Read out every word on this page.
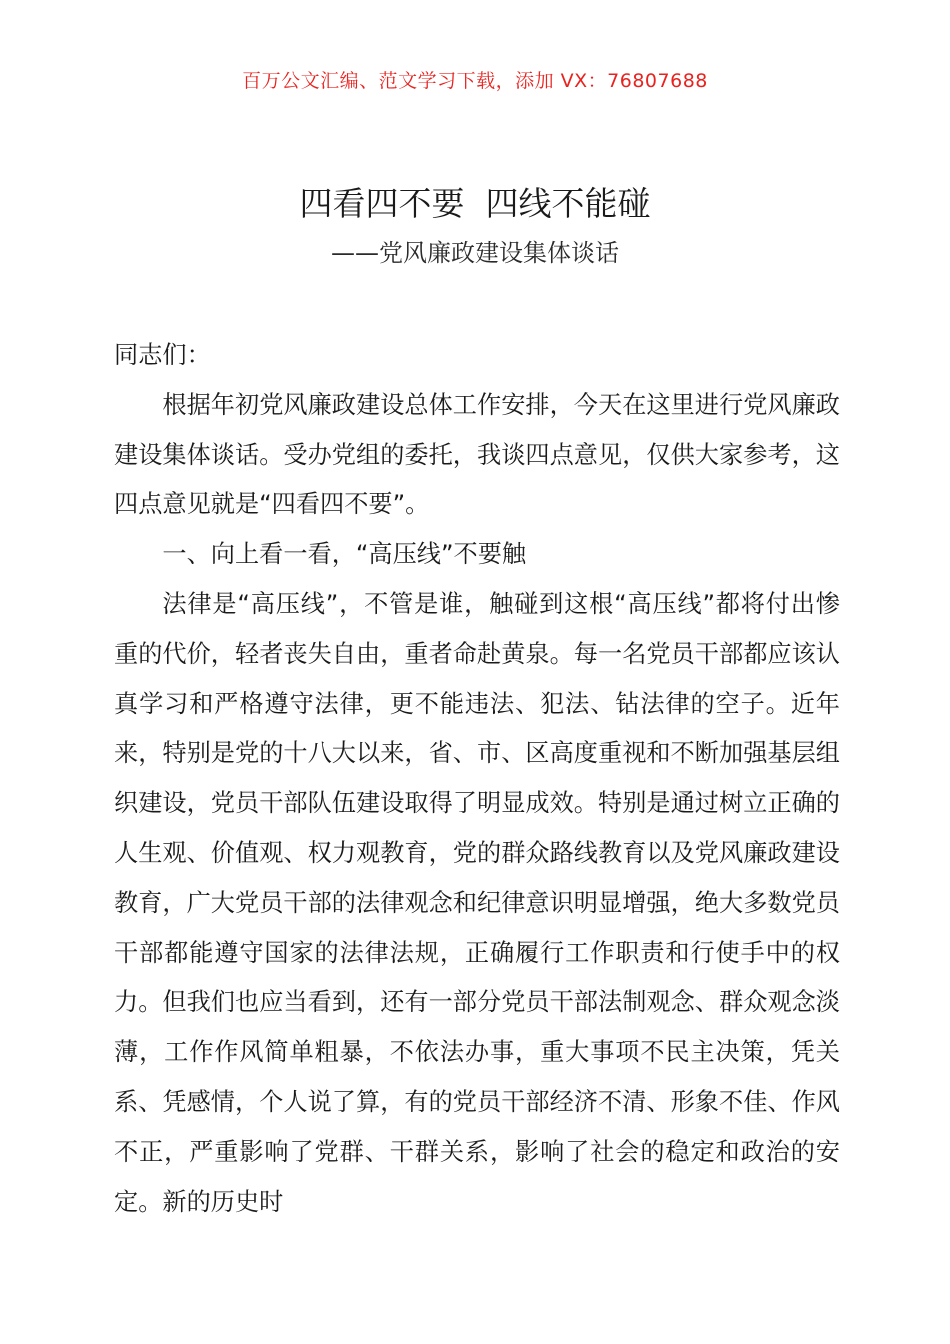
百万公文汇编、范文学习下载，添加 VX：76807688
四看四不要  四线不能碰
——党风廉政建设集体谈话

同志们：

根据年初党风廉政建设总体工作安排，今天在这里进行党风廉政建设集体谈话。受办党组的委托，我谈四点意见，仅供大家参考，这四点意见就是“四看四不要”。

一、向上看一看，“高压线”不要触

法律是“高压线”，不管是谁，触碰到这根“高压线”都将付出惨重的代价，轻者丧失自由，重者命赴黄泉。每一名党员干部都应该认真学习和严格遵守法律，更不能违法、犯法、钻法律的空子。近年来，特别是党的十八大以来，省、市、区高度重视和不断加强基层组织建设，党员干部队伍建设取得了明显成效。特别是通过树立正确的人生观、价值观、权力观教育，党的群众路线教育以及党风廉政建设教育，广大党员干部的法律观念和纪律意识明显增强，绝大多数党员干部都能遵守国家的法律法规，正确履行工作职责和行使手中的权力。但我们也应当看到，还有一部分党员干部法制观念、群众观念淡薄，工作作风简单粗暴，不依法办事，重大事项不民主决策，凭关系、凭感情，个人说了算，有的党员干部经济不清、形象不佳、作风不正，严重影响了党群、干群关系，影响了社会的稳定和政治的安定。新的历史时
